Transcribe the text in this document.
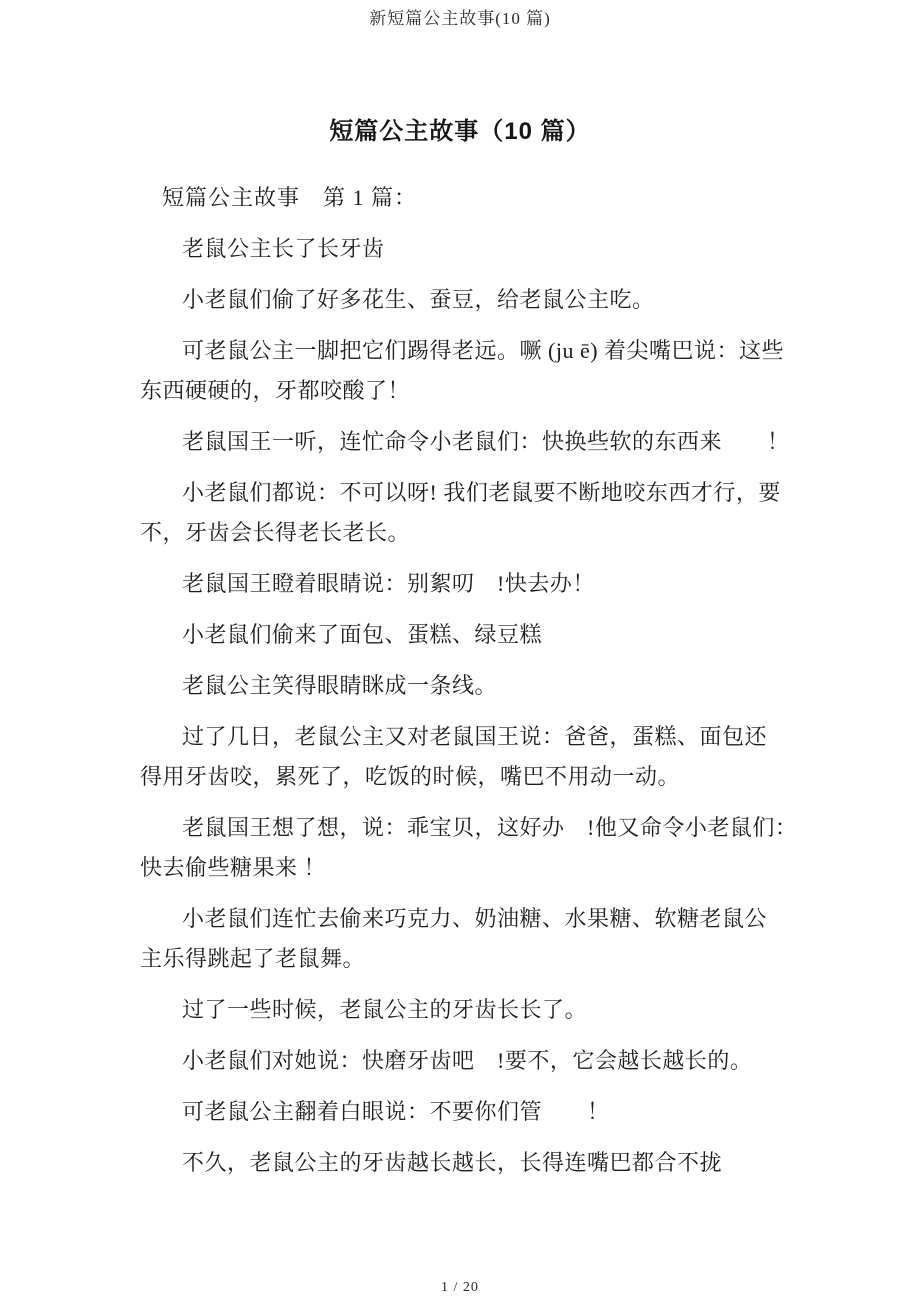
新短篇公主故事(10 篇)
短篇公主故事（10 篇）
短篇公主故事　第 1 篇：
老鼠公主长了长牙齿
小老鼠们偷了好多花生、蚕豆，给老鼠公主吃。
可老鼠公主一脚把它们踢得老远。噘 (ju ē) 着尖嘴巴说：这些
东西硬硬的，牙都咬酸了！
老鼠国王一听，连忙命令小老鼠们：快换些软的东西来　　！
小老鼠们都说：不可以呀! 我们老鼠要不断地咬东西才行，要
不，牙齿会长得老长老长。
老鼠国王瞪着眼睛说：别絮叨　!快去办！
小老鼠们偷来了面包、蛋糕、绿豆糕
老鼠公主笑得眼睛眯成一条线。
过了几日，老鼠公主又对老鼠国王说：爸爸，蛋糕、面包还
得用牙齿咬，累死了，吃饭的时候，嘴巴不用动一动。
老鼠国王想了想，说：乖宝贝，这好办　!他又命令小老鼠们：
快去偷些糖果来 ！
小老鼠们连忙去偷来巧克力、奶油糖、水果糖、软糖老鼠公
主乐得跳起了老鼠舞。
过了一些时候，老鼠公主的牙齿长长了。
小老鼠们对她说：快磨牙齿吧　!要不，它会越长越长的。
可老鼠公主翻着白眼说：不要你们管　　！
不久，老鼠公主的牙齿越长越长，长得连嘴巴都合不拢
1 / 20
